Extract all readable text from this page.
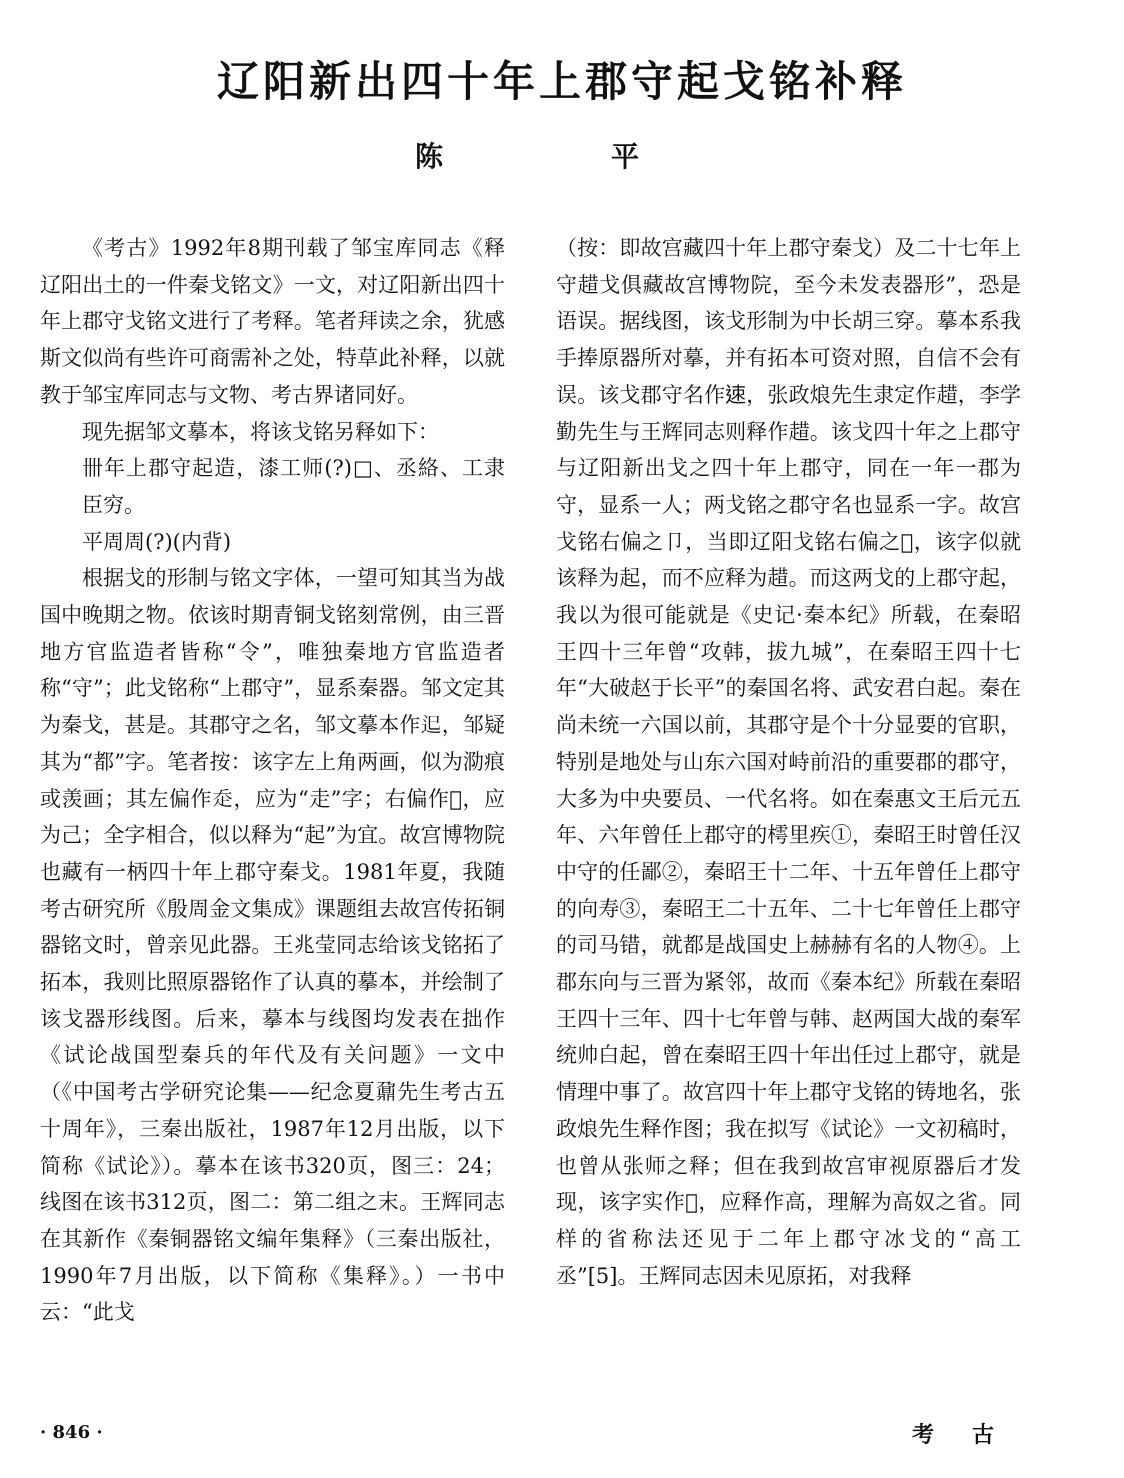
辽阳新出四十年上郡守起戈铭补释
陈　平

《考古》1992年8期刊载了邹宝库同志《释辽阳出土的一件秦戈铭文》一文，对辽阳新出四十年上郡守戈铭文进行了考释。笔者拜读之余，犹感斯文似尚有些许可商需补之处，特草此补释，以就教于邹宝库同志与文物、考古界诸同好。

现先据邹文摹本，将该戈铭另释如下：

卌年上郡守起造，漆工师(?)□、丞絡、工隶臣穷。

平周周(?)(内背)

根据戈的形制与铭文字体，一望可知其当为战国中晚期之物。依该时期青铜戈铭刻常例，由三晋地方官监造者皆称“令”，唯独秦地方官监造者称“守”；此戈铭称“上郡守”，显系秦器。邹文定其为秦戈，甚是。其郡守之名，邹文摹本作𨑓，邹疑其为“都”字。笔者按：该字左上角两画，似为泐痕或羡画；其左偏作𧺆，应为“走”字；右偏作𢀳，应为己；全字相合，似以释为“起”为宜。故宫博物院也藏有一柄四十年上郡守秦戈。1981年夏，我随考古研究所《殷周金文集成》课题组去故宫传拓铜器铭文时，曾亲见此器。王兆莹同志给该戈铭拓了拓本，我则比照原器铭作了认真的摹本，并绘制了该戈器形线图。后来，摹本与线图均发表在拙作《试论战国型秦兵的年代及有关问题》一文中（《中国考古学研究论集——纪念夏鼐先生考古五十周年》，三秦出版社，1987年12月出版，以下简称《试论》）。摹本在该书320页，图三：24；线图在该书312页，图二：第二组之末。王辉同志在其新作《秦铜器铭文编年集释》（三秦出版社，1990年7月出版，以下简称《集释》。）一书中云：“此戈

（按：即故宫藏四十年上郡守秦戈）及二十七年上守趞戈俱藏故宫博物院，至今未发表器形”，恐是语误。据线图，该戈形制为中长胡三穿。摹本系我手捧原器所对摹，并有拓本可资对照，自信不会有误。该戈郡守名作𨒪，张政烺先生隶定作趞，李学勤先生与王辉同志则释作趞。该戈四十年之上郡守与辽阳新出戈之四十年上郡守，同在一年一郡为守，显系一人；两戈铭之郡守名也显系一字。故宫戈铭右偏之卩，当即辽阳戈铭右偏之𢀳，该字似就该释为起，而不应释为趞。而这两戈的上郡守起，我以为很可能就是《史记·秦本纪》所载，在秦昭王四十三年曾“攻韩，拔九城”，在秦昭王四十七年“大破赵于长平”的秦国名将、武安君白起。秦在尚未统一六国以前，其郡守是个十分显要的官职，特别是地处与山东六国对峙前沿的重要郡的郡守，大多为中央要员、一代名将。如在秦惠文王后元五年、六年曾任上郡守的樗里疾①，秦昭王时曾任汉中守的任鄙②，秦昭王十二年、十五年曾任上郡守的向寿③，秦昭王二十五年、二十七年曾任上郡守的司马错，就都是战国史上赫赫有名的人物④。上郡东向与三晋为紧邻，故而《秦本纪》所载在秦昭王四十三年、四十七年曾与韩、赵两国大战的秦军统帅白起，曾在秦昭王四十年出任过上郡守，就是情理中事了。故宫四十年上郡守戈铭的铸地名，张政烺先生释作图；我在拟写《试论》一文初稿时，也曾从张师之释；但在我到故宫审视原器后才发现，该字实作𩫖，应释作高，理解为高奴之省。同样的省称法还见于二年上郡守冰戈的“高工丞”[5]。王辉同志因未见原拓，对我释

· 846 ·	考古
